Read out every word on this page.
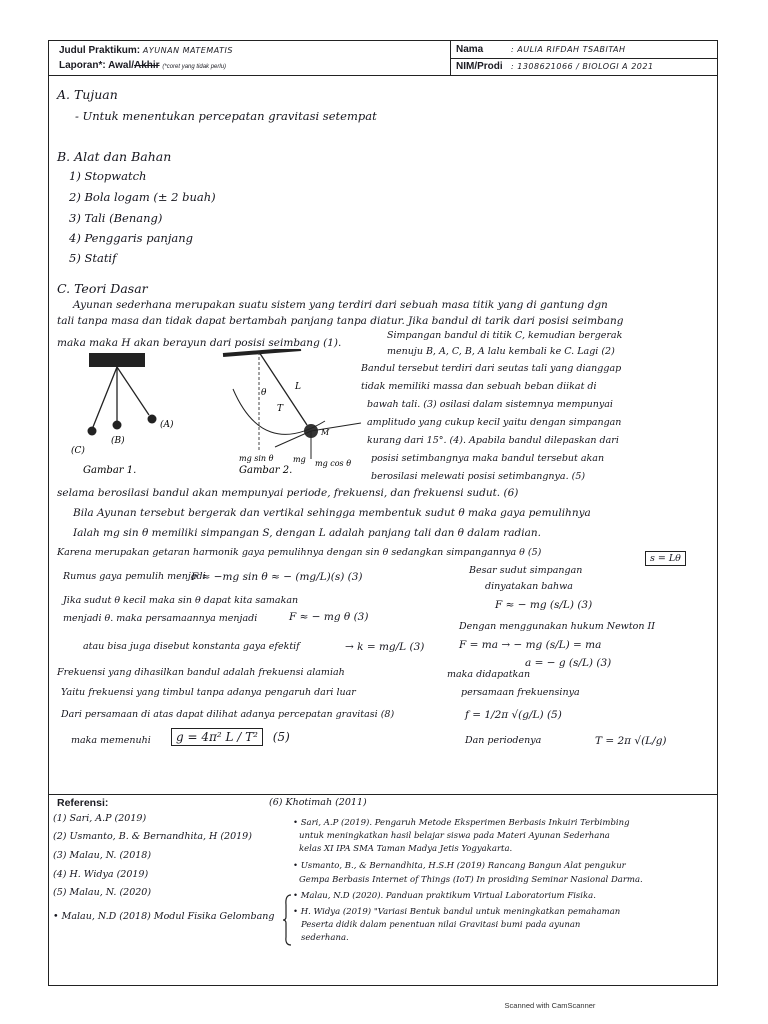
Judul Praktikum: AYUNAN MATEMATIS
Laporan*: Awal/Akhir (*coret yang tidak perlu)
Nama	: AULIA RIFDAH TSABITAH
NIM/Prodi : 1308621066 / BIOLOGI A 2021
A. Tujuan
- Untuk menentukan percepatan gravitasi setempat
B. Alat dan Bahan
1) Stopwatch
2) Bola logam (± 2 buah)
3) Tali (Benang)
4) Penggaris panjang
5) Statif
C. Teori Dasar
Ayunan sederhana merupakan suatu sistem yang terdiri dari sebuah masa titik yang di gantung dgn
tali tanpa masa dan tidak dapat bertambah panjang tanpa diatur. Jika bandul di tarik dari posisi seimbang
Simpangan bandul di titik C, kemudian bergerak
maka maka H akan berayun dari posisi seimbang (1).
menuju B, A, C, B, A lalu kembali ke C. Lagi (2)
Bandul tersebut terdiri dari seutas tali yang dianggap
tidak memiliki massa dan sebuah beban diikat di
bawah tali. (3) osilasi dalam sistemnya mempunyai
amplitudo yang cukup kecil yaitu dengan simpangan
kurang dari 15°. (4). Apabila bandul dilepaskan dari
posisi setimbangnya maka bandul tersebut akan
berosilasi melewati posisi setimbangnya. (5)
(A)
(B)
(C)
Gambar 1.
L
T
θ
M
mg sin θ mg mg cos θ
Gambar 2.
selama berosilasi bandul akan mempunyai periode, frekuensi, dan frekuensi sudut. (6)
Bila Ayunan tersebut bergerak dan vertikal sehingga membentuk sudut θ maka gaya pemulihnya
Ialah mg sin θ memiliki simpangan S, dengan L adalah panjang tali dan θ dalam radian.
Karena merupakan getaran harmonik gaya pemulihnya dengan sin θ sedangkan simpangannya θ (5)
s = Lθ
Rumus gaya pemulih menjadi
F ≈ −mg sin θ ≈ − (mg/L)(s) (3)
Besar sudut simpangan
dinyatakan bahwa
F ≈ − mg (s/L) (3)
Jika sudut θ kecil maka sin θ dapat kita samakan
menjadi θ. maka persamaannya menjadi	F ≈ − mg θ (3)
Dengan menggunakan hukum Newton II
F = ma → − mg (s/L) = ma
atau bisa juga disebut konstanta gaya efektif	→ k = mg/L (3)
a = − g (s/L) (3)
Frekuensi yang dihasilkan bandul adalah frekuensi alamiah	maka didapatkan
Yaitu frekuensi yang timbul tanpa adanya pengaruh dari luar	persamaan frekuensinya
Dari persamaan di atas dapat dilihat adanya percepatan gravitasi (8)	f = 1/2π √(g/L) (5)
maka memenuhi	g = 4π² L / T² (5)	Dan periodenya	T = 2π √(L/g)
Referensi:
(1) Sari, A.P (2019)
(2) Usmanto, B. & Bernandhita, H (2019)
(3) Malau, N. (2018)
(4) H. Widya (2019)
(5) Malau, N. (2020)
• Malau, N.D (2018) Modul Fisika Gelombang
(6) Khotimah (2011)
• Sari, A.P (2019). Pengaruh Metode Eksperimen Berbasis Inkuiri Terbimbing
untuk meningkatkan hasil belajar siswa pada Materi Ayunan Sederhana
kelas XI IPA SMA Taman Madya Jetis Yogyakarta.
• Usmanto, B., & Bernandhita, H.S.H (2019) Rancang Bangun Alat pengukur
Gempa Berbasis Internet of Things (IoT) In prosiding Seminar Nasional Darma.
• Malau, N.D (2020). Panduan praktikum Virtual Laboratorium Fisika.
• H. Widya (2019) "Variasi Bentuk bandul untuk meningkatkan pemahaman
Peserta didik dalam penentuan nilai Gravitasi bumi pada ayunan
sederhana.
Scanned with CamScanner
